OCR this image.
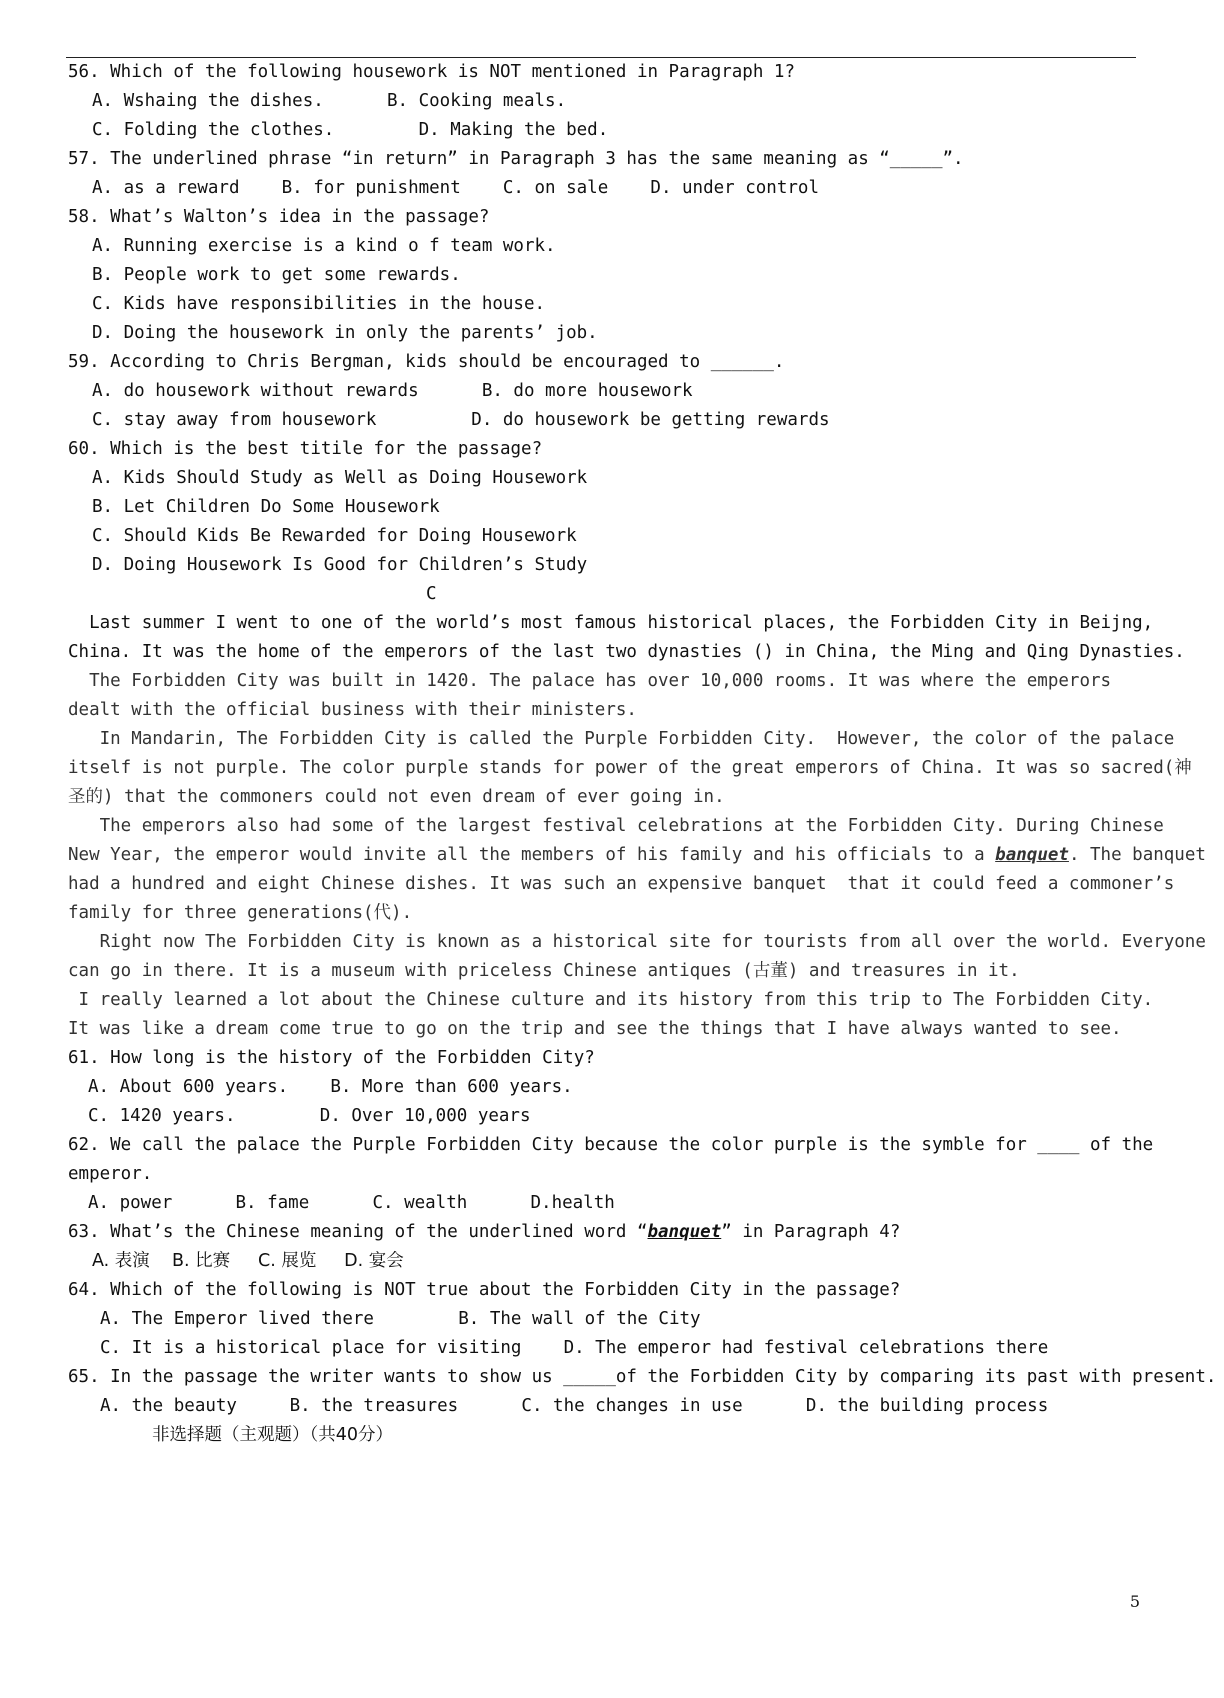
56. Which of the following housework is NOT mentioned in Paragraph 1?
A. Wshaing the dishes.      B. Cooking meals.
C. Folding the clothes.        D. Making the bed.
57. The underlined phrase “in return” in Paragraph 3 has the same meaning as “_____”.
A. as a reward    B. for punishment    C. on sale    D. under control
58. What’s Walton’s idea in the passage?
A. Running exercise is a kind o f team work.
B. People work to get some rewards.
C. Kids have responsibilities in the house.
D. Doing the housework in only the parents’ job.
59. According to Chris Bergman, kids should be encouraged to ______.
A. do housework without rewards      B. do more housework
C. stay away from housework         D. do housework be getting rewards
60. Which is the best titile for the passage?
A. Kids Should Study as Well as Doing Housework
B. Let Children Do Some Housework
C. Should Kids Be Rewarded for Doing Housework
D. Doing Housework Is Good for Children’s Study
C
Last summer I went to one of the world’s most famous historical places, the Forbidden City in Beijng,
China. It was the home of the emperors of the last two dynasties () in China, the Ming and Qing Dynasties.
The Forbidden City was built in 1420. The palace has over 10,000 rooms. It was where the emperors
dealt with the official business with their ministers.
In Mandarin, The Forbidden City is called the Purple Forbidden City.  However, the color of the palace
itself is not purple. The color purple stands for power of the great emperors of China. It was so sacred(神
圣的) that the commoners could not even dream of ever going in.
The emperors also had some of the largest festival celebrations at the Forbidden City. During Chinese
New Year, the emperor would invite all the members of his family and his officials to a banquet. The banquet
had a hundred and eight Chinese dishes. It was such an expensive banquet  that it could feed a commoner’s
family for three generations(代).
Right now The Forbidden City is known as a historical site for tourists from all over the world. Everyone
can go in there. It is a museum with priceless Chinese antiques (古董) and treasures in it.
I really learned a lot about the Chinese culture and its history from this trip to The Forbidden City.
It was like a dream come true to go on the trip and see the things that I have always wanted to see.
61. How long is the history of the Forbidden City?
A. About 600 years.    B. More than 600 years.
C. 1420 years.        D. Over 10,000 years
62. We call the palace the Purple Forbidden City because the color purple is the symble for ____ of the
emperor.
A. power      B. fame      C. wealth      D.health
63. What’s the Chinese meaning of the underlined word “banquet” in Paragraph 4?
A. 表演    B. 比赛     C. 展览     D. 宴会
64. Which of the following is NOT true about the Forbidden City in the passage?
A. The Emperor lived there        B. The wall of the City
C. It is a historical place for visiting    D. The emperor had festival celebrations there
65. In the passage the writer wants to show us _____of the Forbidden City by comparing its past with present.
A. the beauty     B. the treasures      C. the changes in use      D. the building process
非选择题（主观题）（共40分）
5
